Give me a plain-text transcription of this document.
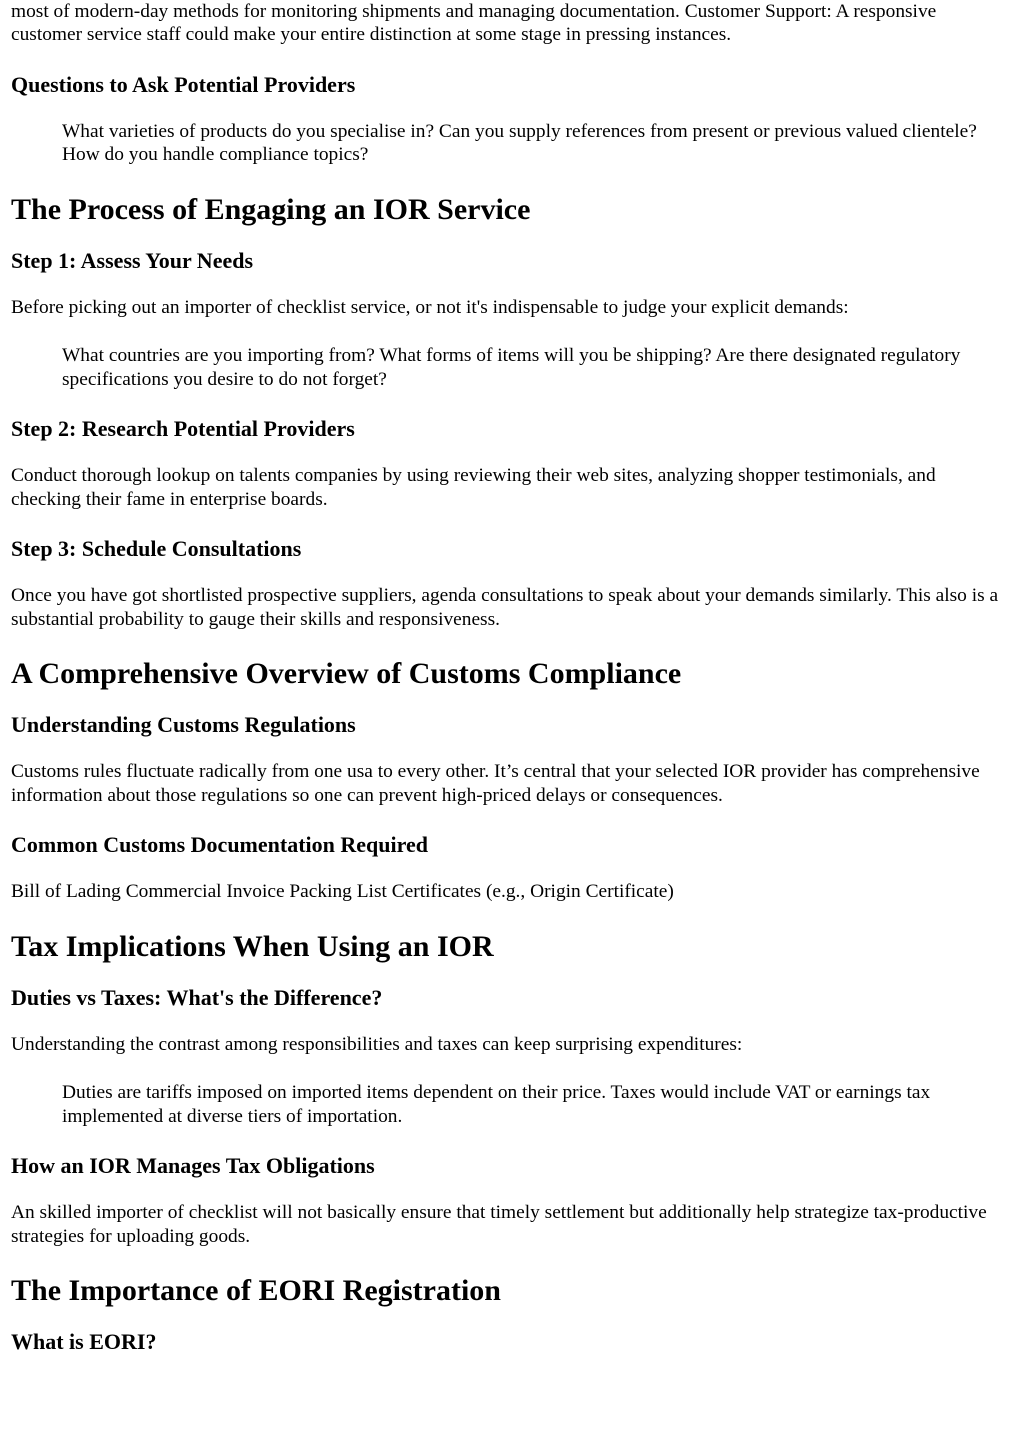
most of modern-day methods for monitoring shipments and managing documentation. Customer Support: A responsive customer service staff could make your entire distinction at some stage in pressing instances.

Questions to Ask Potential Providers
What varieties of products do you specialise in? Can you supply references from present or previous valued clientele? How do you handle compliance topics?
The Process of Engaging an IOR Service
Step 1: Assess Your Needs

Before picking out an importer of checklist service, or not it's indispensable to judge your explicit demands:

What countries are you importing from? What forms of items will you be shipping? Are there designated regulatory specifications you desire to do not forget?
Step 2: Research Potential Providers

Conduct thorough lookup on talents companies by using reviewing their web sites, analyzing shopper testimonials, and checking their fame in enterprise boards.

Step 3: Schedule Consultations

Once you have got shortlisted prospective suppliers, agenda consultations to speak about your demands similarly. This also is a substantial probability to gauge their skills and responsiveness.

A Comprehensive Overview of Customs Compliance
Understanding Customs Regulations

Customs rules fluctuate radically from one usa to every other. It’s central that your selected IOR provider has comprehensive information about those regulations so one can prevent high-priced delays or consequences.

Common Customs Documentation Required

Bill of Lading Commercial Invoice Packing List Certificates (e.g., Origin Certificate)

Tax Implications When Using an IOR
Duties vs Taxes: What's the Difference?

Understanding the contrast among responsibilities and taxes can keep surprising expenditures:

Duties are tariffs imposed on imported items dependent on their price. Taxes would include VAT or earnings tax implemented at diverse tiers of importation.
How an IOR Manages Tax Obligations

An skilled importer of checklist will not basically ensure that timely settlement but additionally help strategize tax-productive strategies for uploading goods.

The Importance of EORI Registration
What is EORI?
